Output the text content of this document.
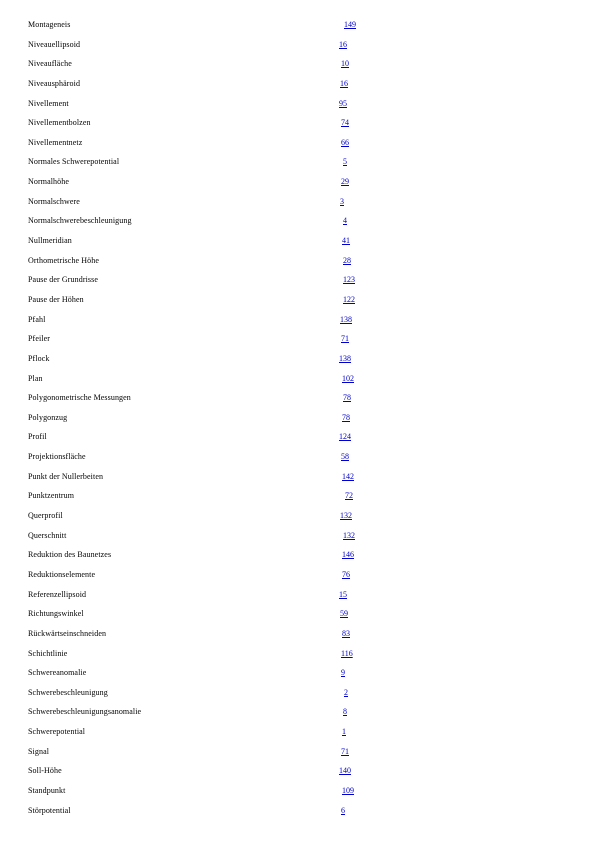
Montageneis	149
Niveauellipsoid	16
Niveaufläche	10
Niveausphäroid	16
Nivellement	95
Nivellementbolzen	74
Nivellementnetz	66
Normales Schwerepotential	5
Normalhöhe	29
Normalschwere	3
Normalschwerebeschleunigung	4
Nullmeridian	41
Orthometrische Höhe	28
Pause der Grundrisse	123
Pause der Höhen	122
Pfahl	138
Pfeiler	71
Pflock	138
Plan	102
Polygonometrische Messungen	78
Polygonzug	78
Profil	124
Projektionsfläche	58
Punkt der Nullerbeiten	142
Punktzentrum	72
Querprofil	132
Querschnitt	132
Reduktion des Baunetzes	146
Reduktionselemente	76
Referenzellipsoid	15
Richtungswinkel	59
Rückwärtseinschneiden	83
Schichtlinie	116
Schwereanomalie	9
Schwerebeschleunigung	2
Schwerebeschleunigungsanomalie	8
Schwerepotential	1
Signal	71
Soll-Höhe	140
Standpunkt	109
Störpotential	6
